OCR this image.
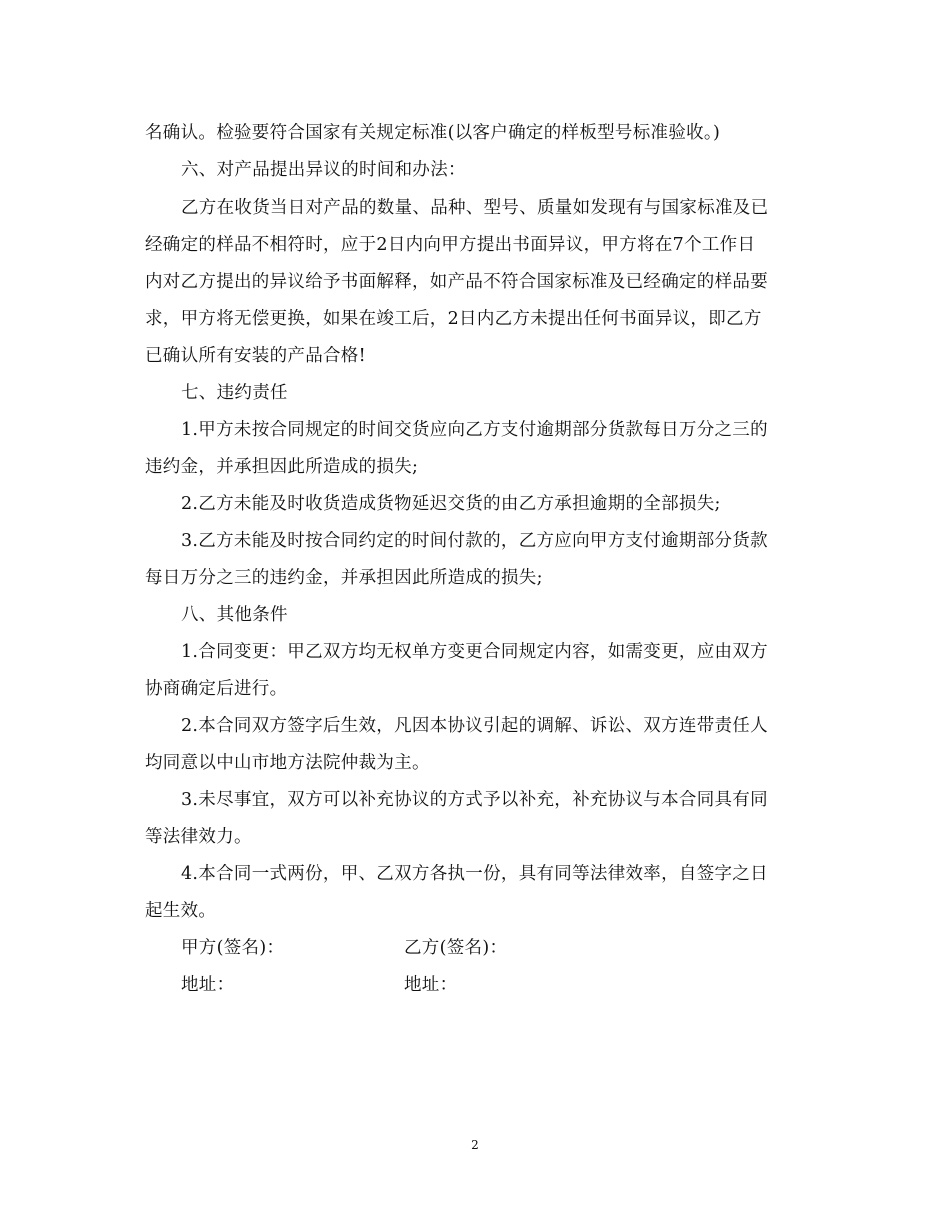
名确认。检验要符合国家有关规定标准(以客户确定的样板型号标准验收。)
六、对产品提出异议的时间和办法：
乙方在收货当日对产品的数量、品种、型号、质量如发现有与国家标准及已
经确定的样品不相符时，应于2日内向甲方提出书面异议，甲方将在7个工作日
内对乙方提出的异议给予书面解释，如产品不符合国家标准及已经确定的样品要
求，甲方将无偿更换，如果在竣工后，2日内乙方未提出任何书面异议，即乙方
已确认所有安装的产品合格!
七、违约责任
1.甲方未按合同规定的时间交货应向乙方支付逾期部分货款每日万分之三的
违约金，并承担因此所造成的损失;
2.乙方未能及时收货造成货物延迟交货的由乙方承担逾期的全部损失;
3.乙方未能及时按合同约定的时间付款的，乙方应向甲方支付逾期部分货款
每日万分之三的违约金，并承担因此所造成的损失;
八、其他条件
1.合同变更：甲乙双方均无权单方变更合同规定内容，如需变更，应由双方
协商确定后进行。
2.本合同双方签字后生效，凡因本协议引起的调解、诉讼、双方连带责任人
均同意以中山市地方法院仲裁为主。
3.未尽事宜，双方可以补充协议的方式予以补充，补充协议与本合同具有同
等法律效力。
4.本合同一式两份，甲、乙双方各执一份，具有同等法律效率，自签字之日
起生效。
甲方(签名)：	乙方(签名)：
地址：	地址：
2
